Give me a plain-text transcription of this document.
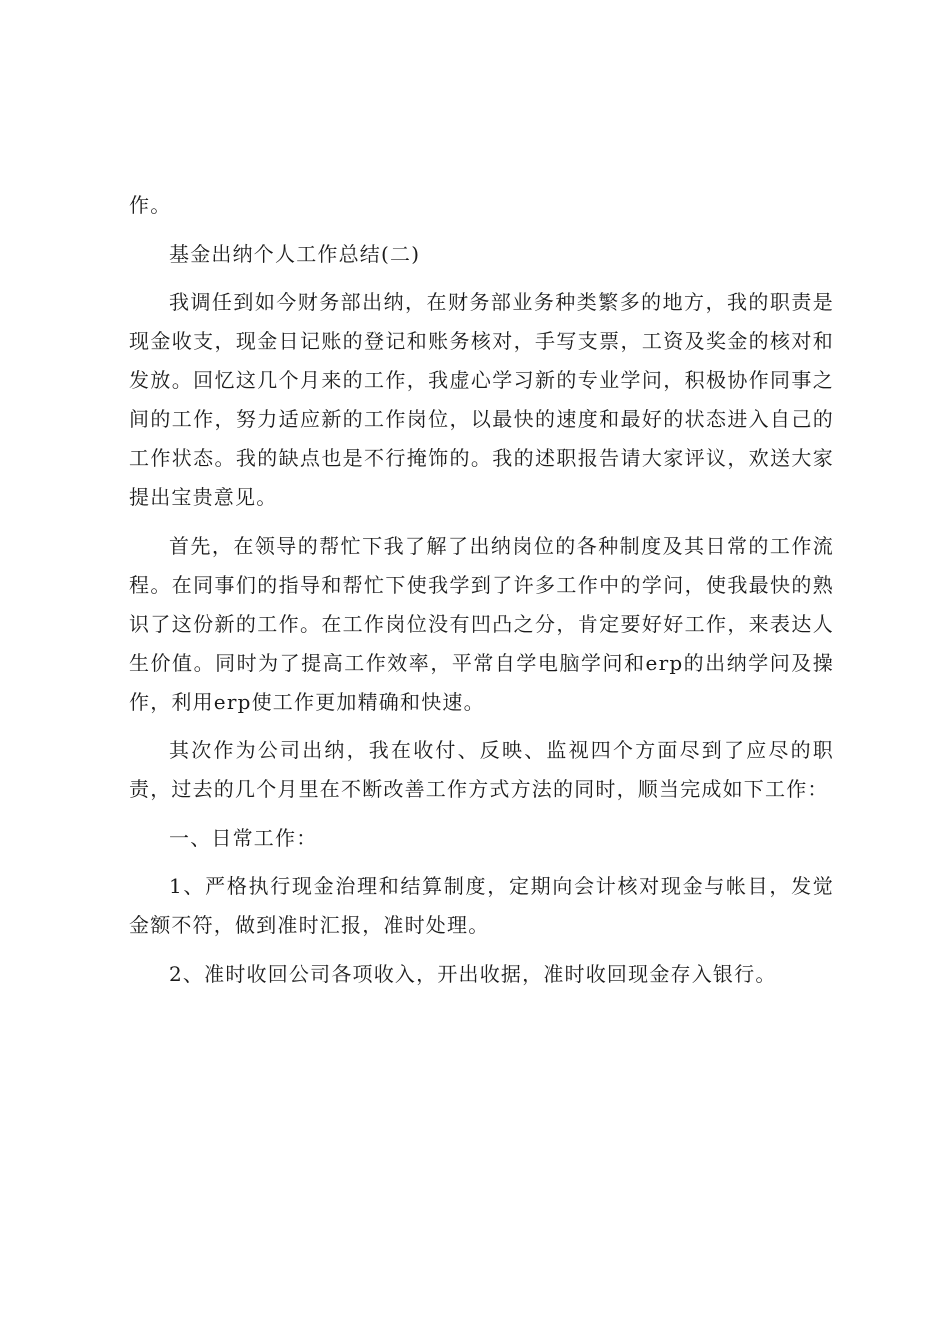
作。

基金出纳个人工作总结(二)

我调任到如今财务部出纳，在财务部业务种类繁多的地方，我的职责是现金收支，现金日记账的登记和账务核对，手写支票，工资及奖金的核对和发放。回忆这几个月来的工作，我虚心学习新的专业学问，积极协作同事之间的工作，努力适应新的工作岗位，以最快的速度和最好的状态进入自己的工作状态。我的缺点也是不行掩饰的。我的述职报告请大家评议，欢送大家提出宝贵意见。

首先，在领导的帮忙下我了解了出纳岗位的各种制度及其日常的工作流程。在同事们的指导和帮忙下使我学到了许多工作中的学问，使我最快的熟识了这份新的工作。在工作岗位没有凹凸之分，肯定要好好工作，来表达人生价值。同时为了提高工作效率，平常自学电脑学问和erp的出纳学问及操作，利用erp使工作更加精确和快速。

其次作为公司出纳，我在收付、反映、监视四个方面尽到了应尽的职责，过去的几个月里在不断改善工作方式方法的同时，顺当完成如下工作：

一、日常工作：

1、严格执行现金治理和结算制度，定期向会计核对现金与帐目，发觉金额不符，做到准时汇报，准时处理。

2、准时收回公司各项收入，开出收据，准时收回现金存入银行。
